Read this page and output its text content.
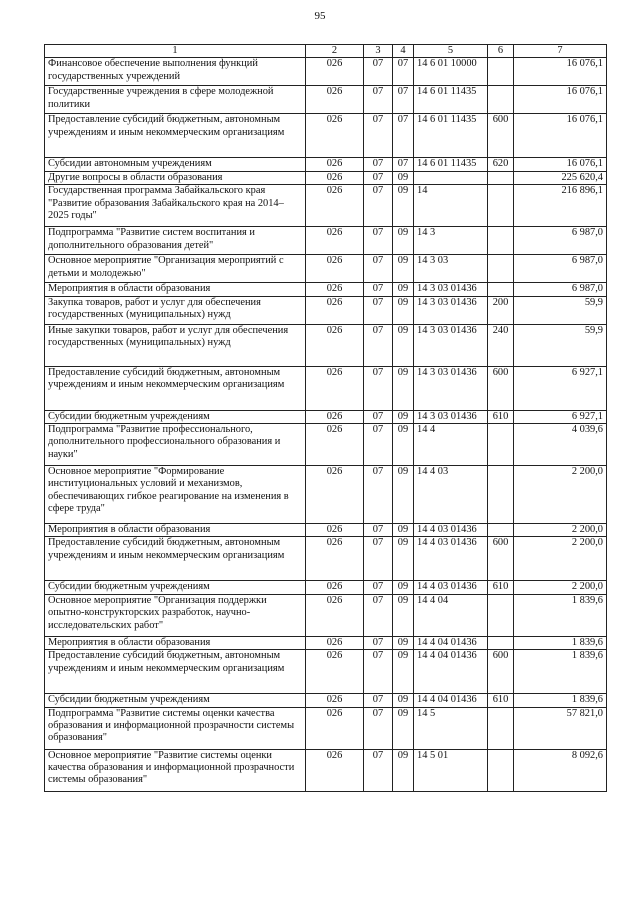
95
1	2	3	4	5	6	7
Финансовое обеспечение выполнения функций государственных учреждений	026	07	07	14 6 01 10000		16 076,1
Государственные учреждения в сфере молодежной политики	026	07	07	14 6 01 11435		16 076,1
Предоставление субсидий бюджетным, автономным учреждениям и иным некоммерческим организациям	026	07	07	14 6 01 11435	600	16 076,1
Субсидии автономным учреждениям	026	07	07	14 6 01 11435	620	16 076,1
Другие вопросы в области образования	026	07	09			225 620,4
Государственная программа Забайкальского края "Развитие образования Забайкальского края на 2014–2025 годы"	026	07	09	14		216 896,1
Подпрограмма "Развитие систем воспитания и дополнительного образования детей"	026	07	09	14 3		6 987,0
Основное мероприятие "Организация мероприятий с детьми и молодежью"	026	07	09	14 3 03		6 987,0
Мероприятия в области образования	026	07	09	14 3 03 01436		6 987,0
Закупка товаров, работ и услуг для обеспечения государственных (муниципальных) нужд	026	07	09	14 3 03 01436	200	59,9
Иные закупки товаров, работ и услуг для обеспечения государственных (муниципальных) нужд	026	07	09	14 3 03 01436	240	59,9
Предоставление субсидий бюджетным, автономным учреждениям и иным некоммерческим организациям	026	07	09	14 3 03 01436	600	6 927,1
Субсидии бюджетным учреждениям	026	07	09	14 3 03 01436	610	6 927,1
Подпрограмма "Развитие профессионального, дополнительного профессионального образования и науки"	026	07	09	14 4		4 039,6
Основное мероприятие "Формирование институциональных условий и механизмов, обеспечивающих гибкое реагирование на изменения в сфере труда"	026	07	09	14 4 03		2 200,0
Мероприятия в области образования	026	07	09	14 4 03 01436		2 200,0
Предоставление субсидий бюджетным, автономным учреждениям и иным некоммерческим организациям	026	07	09	14 4 03 01436	600	2 200,0
Субсидии бюджетным учреждениям	026	07	09	14 4 03 01436	610	2 200,0
Основное мероприятие "Организация поддержки опытно-конструкторских разработок, научно-исследовательских работ"	026	07	09	14 4 04		1 839,6
Мероприятия в области образования	026	07	09	14 4 04 01436		1 839,6
Предоставление субсидий бюджетным, автономным учреждениям и иным некоммерческим организациям	026	07	09	14 4 04 01436	600	1 839,6
Субсидии бюджетным учреждениям	026	07	09	14 4 04 01436	610	1 839,6
Подпрограмма "Развитие системы оценки качества образования и информационной прозрачности системы образования"	026	07	09	14 5		57 821,0
Основное мероприятие "Развитие системы оценки качества образования и информационной прозрачности системы образования"	026	07	09	14 5 01		8 092,6
